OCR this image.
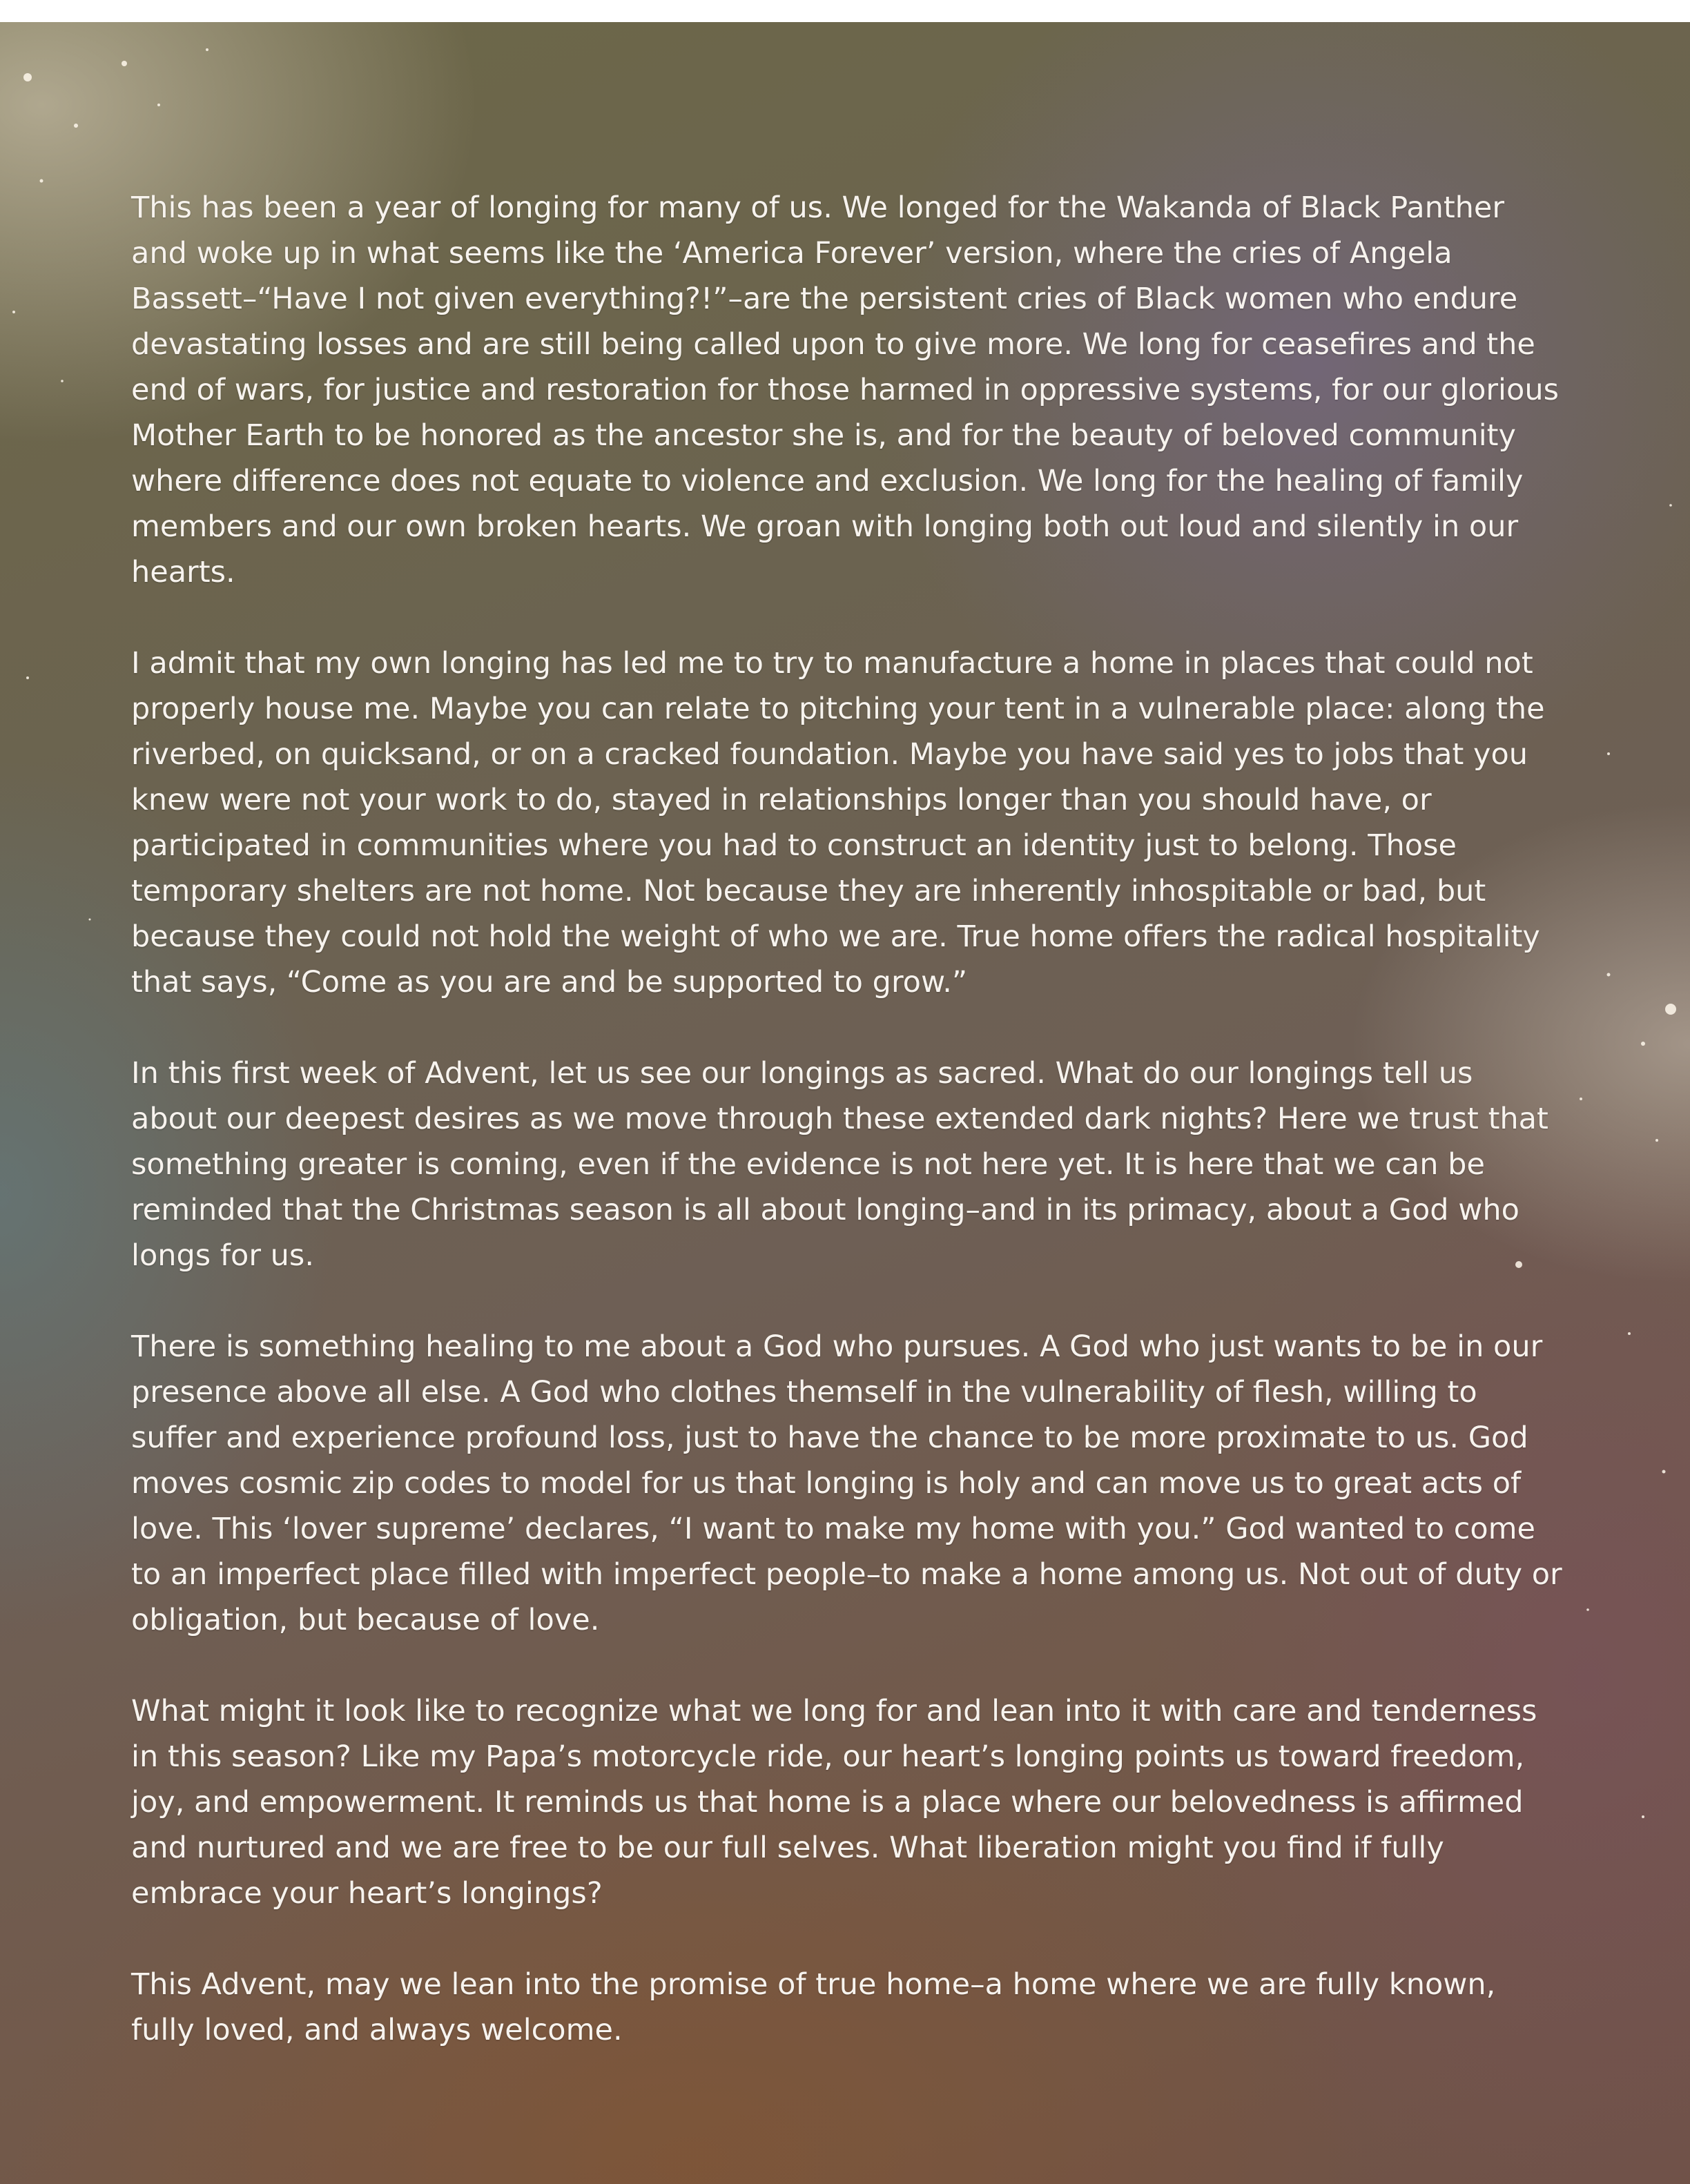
This has been a year of longing for many of us. We longed for the Wakanda of Black Panther and woke up in what seems like the ‘America Forever’ version, where the cries of Angela Bassett–“Have I not given everything?!”–are the persistent cries of Black women who endure devastating losses and are still being called upon to give more. We long for ceasefires and the end of wars, for justice and restoration for those harmed in oppressive systems, for our glorious Mother Earth to be honored as the ancestor she is, and for the beauty of beloved community where difference does not equate to violence and exclusion. We long for the healing of family members and our own broken hearts. We groan with longing both out loud and silently in our hearts.

I admit that my own longing has led me to try to manufacture a home in places that could not properly house me. Maybe you can relate to pitching your tent in a vulnerable place: along the riverbed, on quicksand, or on a cracked foundation. Maybe you have said yes to jobs that you knew were not your work to do, stayed in relationships longer than you should have, or participated in communities where you had to construct an identity just to belong. Those temporary shelters are not home. Not because they are inherently inhospitable or bad, but because they could not hold the weight of who we are. True home offers the radical hospitality that says, “Come as you are and be supported to grow.”

In this first week of Advent, let us see our longings as sacred. What do our longings tell us about our deepest desires as we move through these extended dark nights? Here we trust that something greater is coming, even if the evidence is not here yet. It is here that we can be reminded that the Christmas season is all about longing–and in its primacy, about a God who longs for us.

There is something healing to me about a God who pursues. A God who just wants to be in our presence above all else. A God who clothes themself in the vulnerability of flesh, willing to suffer and experience profound loss, just to have the chance to be more proximate to us. God moves cosmic zip codes to model for us that longing is holy and can move us to great acts of love. This ‘lover supreme’ declares, “I want to make my home with you.” God wanted to come to an imperfect place filled with imperfect people–to make a home among us. Not out of duty or obligation, but because of love.

What might it look like to recognize what we long for and lean into it with care and tenderness in this season? Like my Papa’s motorcycle ride, our heart’s longing points us toward freedom, joy, and empowerment. It reminds us that home is a place where our belovedness is affirmed and nurtured and we are free to be our full selves. What liberation might you find if fully embrace your heart’s longings?

This Advent, may we lean into the promise of true home–a home where we are fully known, fully loved, and always welcome.
